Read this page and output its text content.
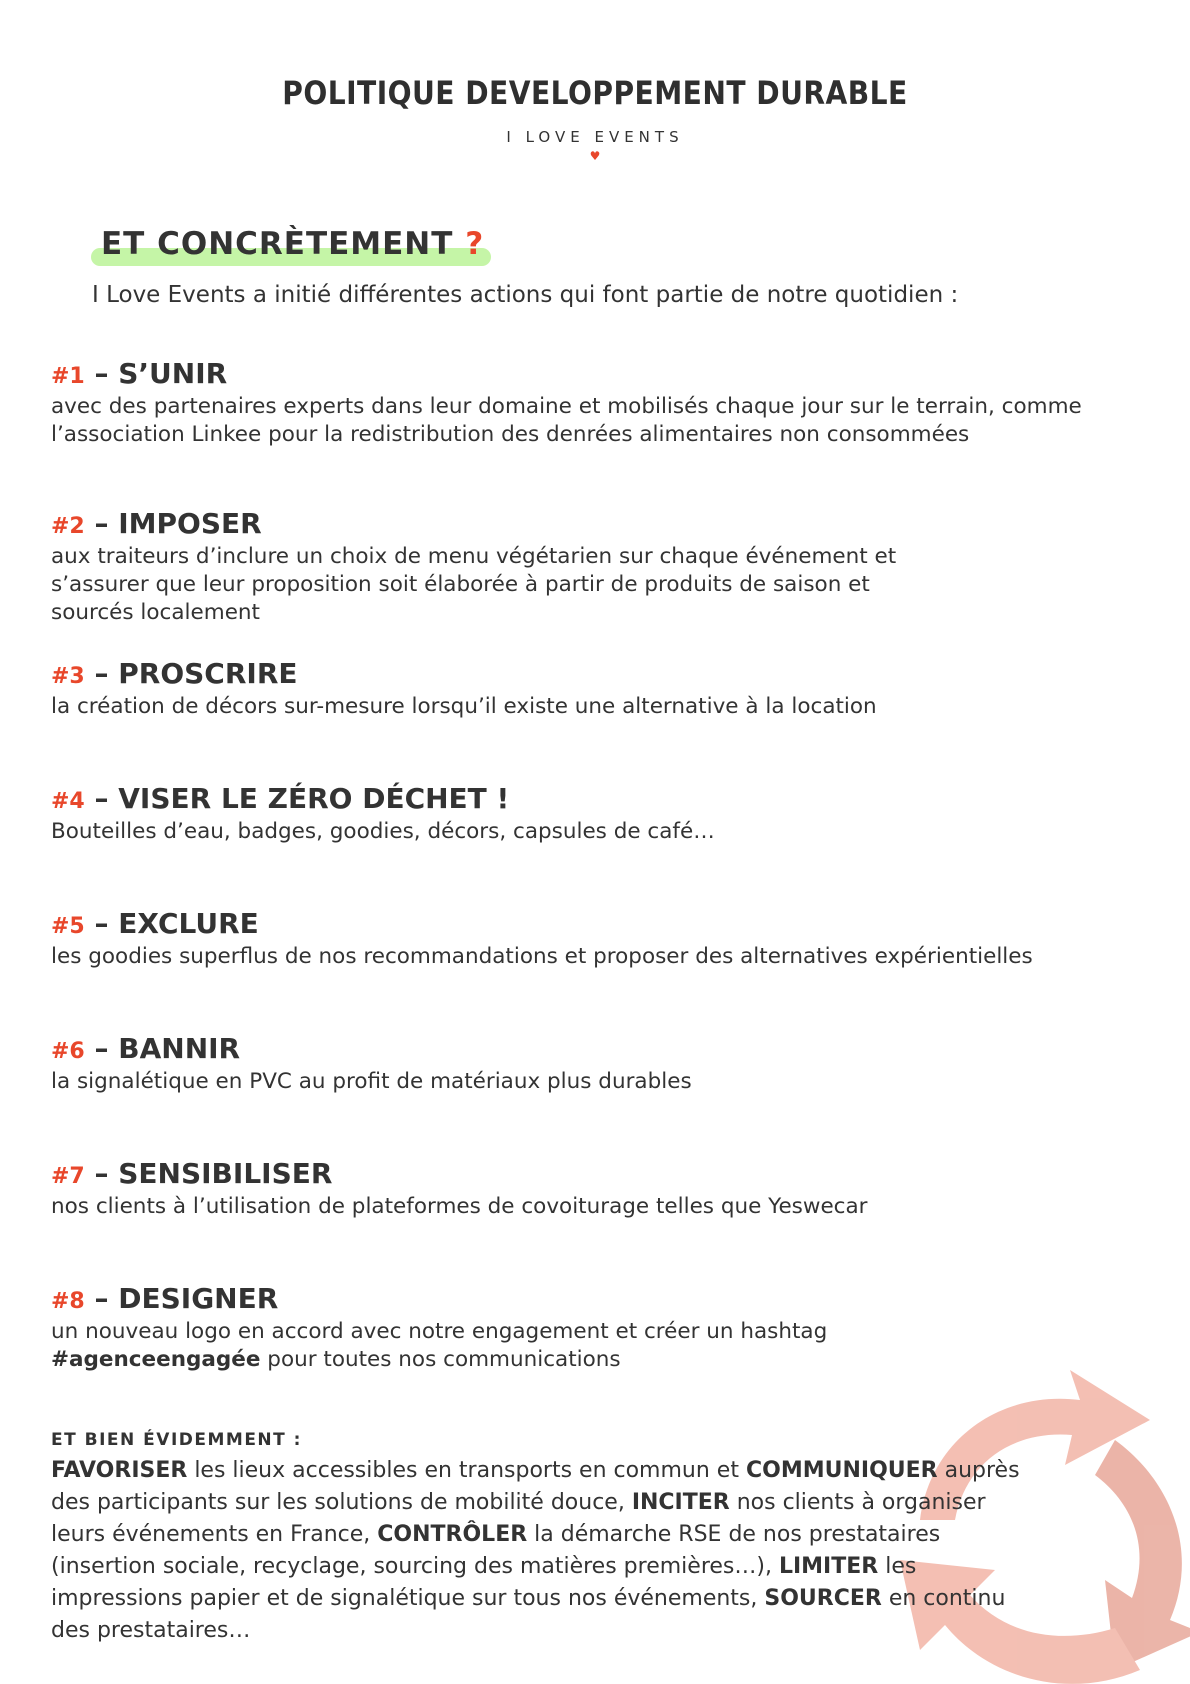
POLITIQUE DEVELOPPEMENT DURABLE
I LOVE EVENTS
♥
ET CONCRÈTEMENT ?
I Love Events a initié différentes actions qui font partie de notre quotidien :
#1 – S’UNIR
avec des partenaires experts dans leur domaine et mobilisés chaque jour sur le terrain, comme l’association Linkee pour la redistribution des denrées alimentaires non consommées
#2 – IMPOSER
aux traiteurs d’inclure un choix de menu végétarien sur chaque événement et s’assurer que leur proposition soit élaborée à partir de produits de saison et sourcés localement
#3 – PROSCRIRE
la création de décors sur-mesure lorsqu’il existe une alternative à la location
#4 – VISER LE ZÉRO DÉCHET !
Bouteilles d’eau, badges, goodies, décors, capsules de café…
#5 – EXCLURE
les goodies superflus de nos recommandations et proposer des alternatives expérientielles
#6 – BANNIR
la signalétique en PVC au profit de matériaux plus durables
#7 – SENSIBILISER
nos clients à l’utilisation de plateformes de covoiturage telles que Yeswecar
#8 – DESIGNER
un nouveau logo en accord avec notre engagement et créer un hashtag
#agenceengagée pour toutes nos communications
ET BIEN ÉVIDEMMENT :
FAVORISER les lieux accessibles en transports en commun et COMMUNIQUER auprès des participants sur les solutions de mobilité douce, INCITER nos clients à organiser leurs événements en France, CONTRÔLER la démarche RSE de nos prestataires (insertion sociale, recyclage, sourcing des matières premières…), LIMITER les impressions papier et de signalétique sur tous nos événements, SOURCER en continu des prestataires…
